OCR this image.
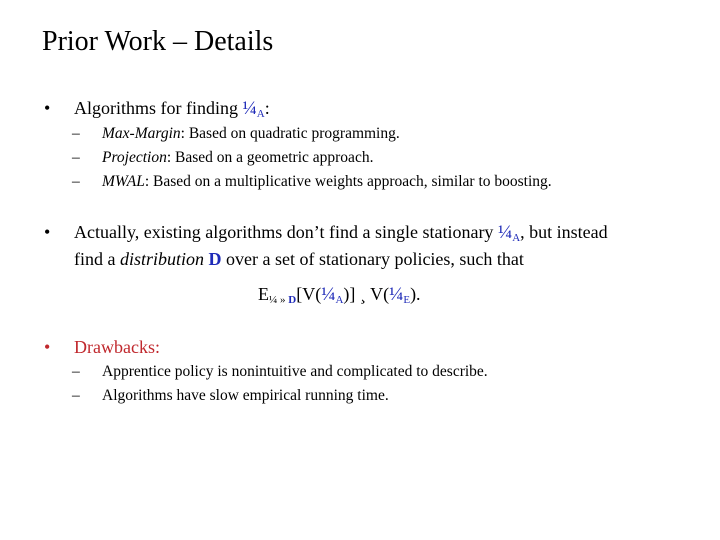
Prior Work – Details
•	Algorithms for finding $\frac{1}{4}_A$:
– Max-Margin: Based on quadratic programming.
– Projection: Based on a geometric approach.
– MWAL: Based on a multiplicative weights approach, similar to boosting.
•	Actually, existing algorithms don’t find a single stationary $\frac{1}{4}_A$, but instead
find a distribution D over a set of stationary policies, such that
$E_{\frac{1}{4} » D}[V(\frac{1}{4}_A)]$ ¸ $V(\frac{1}{4}_E)$.
•	Drawbacks:
– Apprentice policy is nonintuitive and complicated to describe.
– Algorithms have slow empirical running time.
